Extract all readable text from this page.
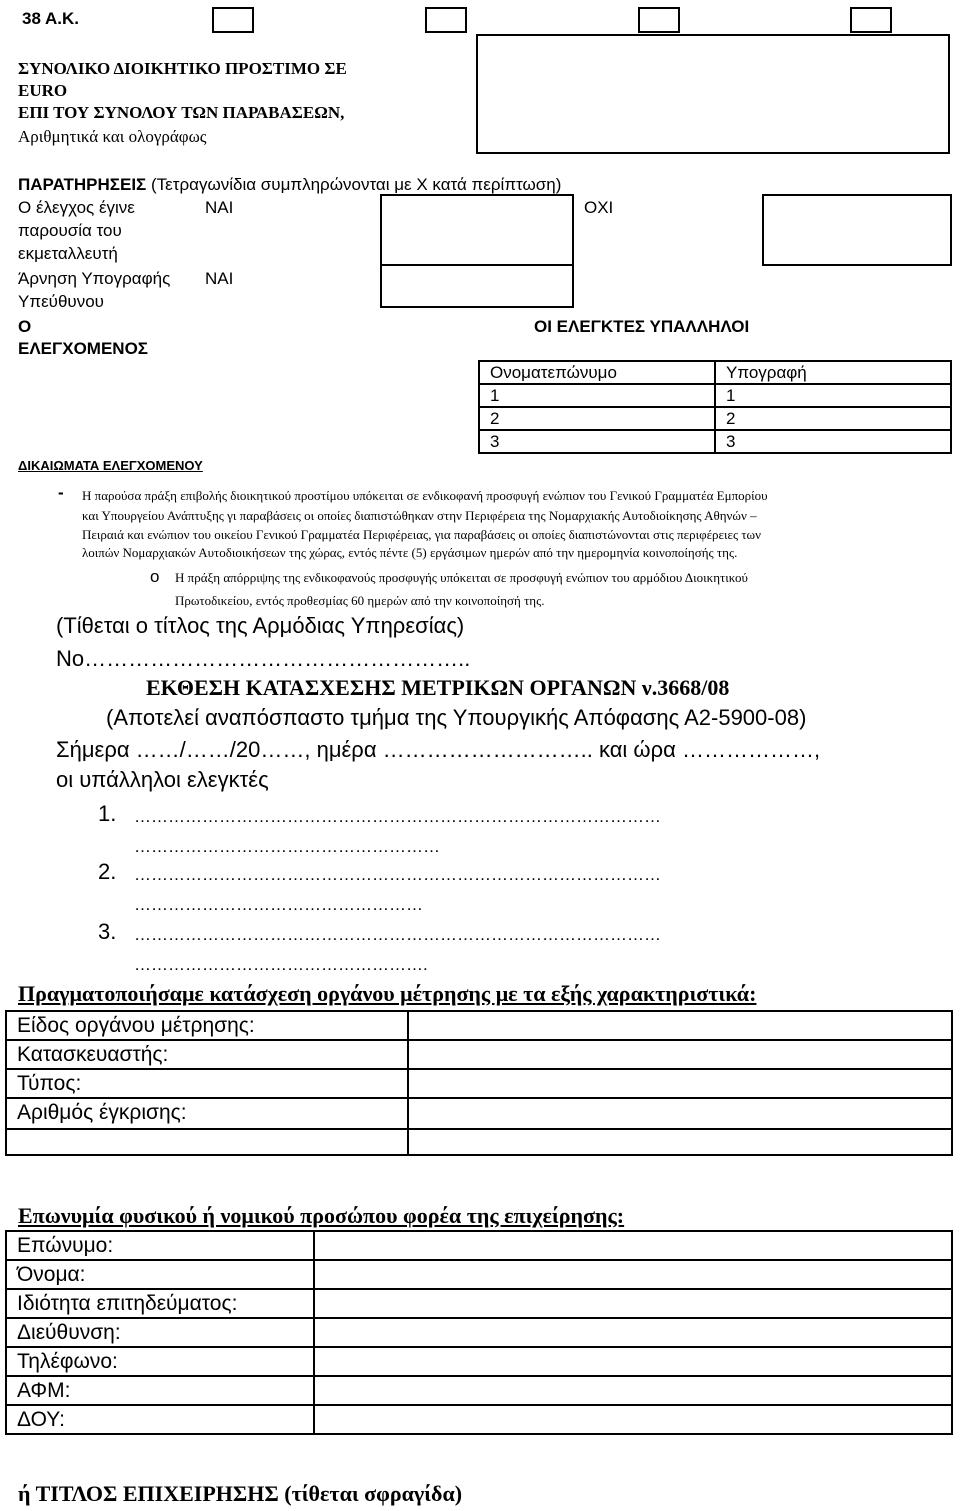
38 Α.Κ.
ΣΥΝΟΛΙΚΟ ΔΙΟΙΚΗΤΙΚΟ ΠΡΟΣΤΙΜΟ ΣΕ
EURO
ΕΠΙ ΤΟΥ ΣΥΝΟΛΟΥ ΤΩΝ ΠΑΡΑΒΑΣΕΩΝ,
Αριθμητικά και ολογράφως
ΠΑΡΑΤΗΡΗΣΕΙΣ (Τετραγωνίδια συμπληρώνονται με Χ κατά περίπτωση)
Ο έλεγχος έγινε
παρουσία του
εκμεταλλευτή
ΝΑΙ	ΟΧΙ
Άρνηση Υπογραφής
Υπεύθυνου
ΝΑΙ
Ο
ΕΛΕΓΧΟΜΕΝΟΣ
ΟΙ ΕΛΕΓΚΤΕΣ ΥΠΑΛΛΗΛΟΙ
Ονοματεπώνυμο	Υπογραφή
1	1
2	2
3	3
ΔΙΚΑΙΩΜΑΤΑ ΕΛΕΓΧΟΜΕΝΟΥ
- Η παρούσα πράξη επιβολής διοικητικού προστίμου υπόκειται σε ενδικοφανή προσφυγή ενώπιον του Γενικού Γραμματέα Εμπορίου
και Υπουργείου Ανάπτυξης γι παραβάσεις οι οποίες διαπιστώθηκαν στην Περιφέρεια της Νομαρχιακής Αυτοδιοίκησης Αθηνών –
Πειραιά και ενώπιον του οικείου Γενικού Γραμματέα Περιφέρειας, για παραβάσεις οι οποίες διαπιστώνονται στις περιφέρειες των
λοιπών Νομαρχιακών Αυτοδιοικήσεων της χώρας, εντός πέντε (5) εργάσιμων ημερών από την ημερομηνία κοινοποίησής της.
o Η πράξη απόρριψης της ενδικοφανούς προσφυγής υπόκειται σε προσφυγή ενώπιον του αρμόδιου Διοικητικού
Πρωτοδικείου, εντός προθεσμίας 60 ημερών από την κοινοποίησή της.
(Τίθεται ο τίτλος της Αρμόδιας Υπηρεσίας)
Νο……………………………………………..
ΕΚΘΕΣΗ ΚΑΤΑΣΧΕΣΗΣ ΜΕΤΡΙΚΩΝ ΟΡΓΑΝΩΝ ν.3668/08
(Αποτελεί αναπόσπαστο τμήμα της Υπουργικής Απόφασης Α2-5900-08)
Σήμερα ……/……/20……, ημέρα ……………………….. και ώρα ………………,
οι υπάλληλοι ελεγκτές
1. …………………………………………………………………………………
………………………………………………
2. …………………………………………………………………………………
……………………………………………
3. …………………………………………………………………………………
…………………………………………….
Πραγματοποιήσαμε κατάσχεση οργάνου μέτρησης με τα εξής χαρακτηριστικά:
Είδος οργάνου μέτρησης:	
Κατασκευαστής:	
Τύπος:	
Αριθμός έγκρισης:	

Επωνυμία φυσικού ή νομικού προσώπου φορέα της επιχείρησης:
Επώνυμο:	
Όνομα:	
Ιδιότητα επιτηδεύματος:	
Διεύθυνση:	
Τηλέφωνο:	
ΑΦΜ:	
ΔΟΥ:	
ή ΤΙΤΛΟΣ ΕΠΙΧΕΙΡΗΣΗΣ (τίθεται σφραγίδα)
